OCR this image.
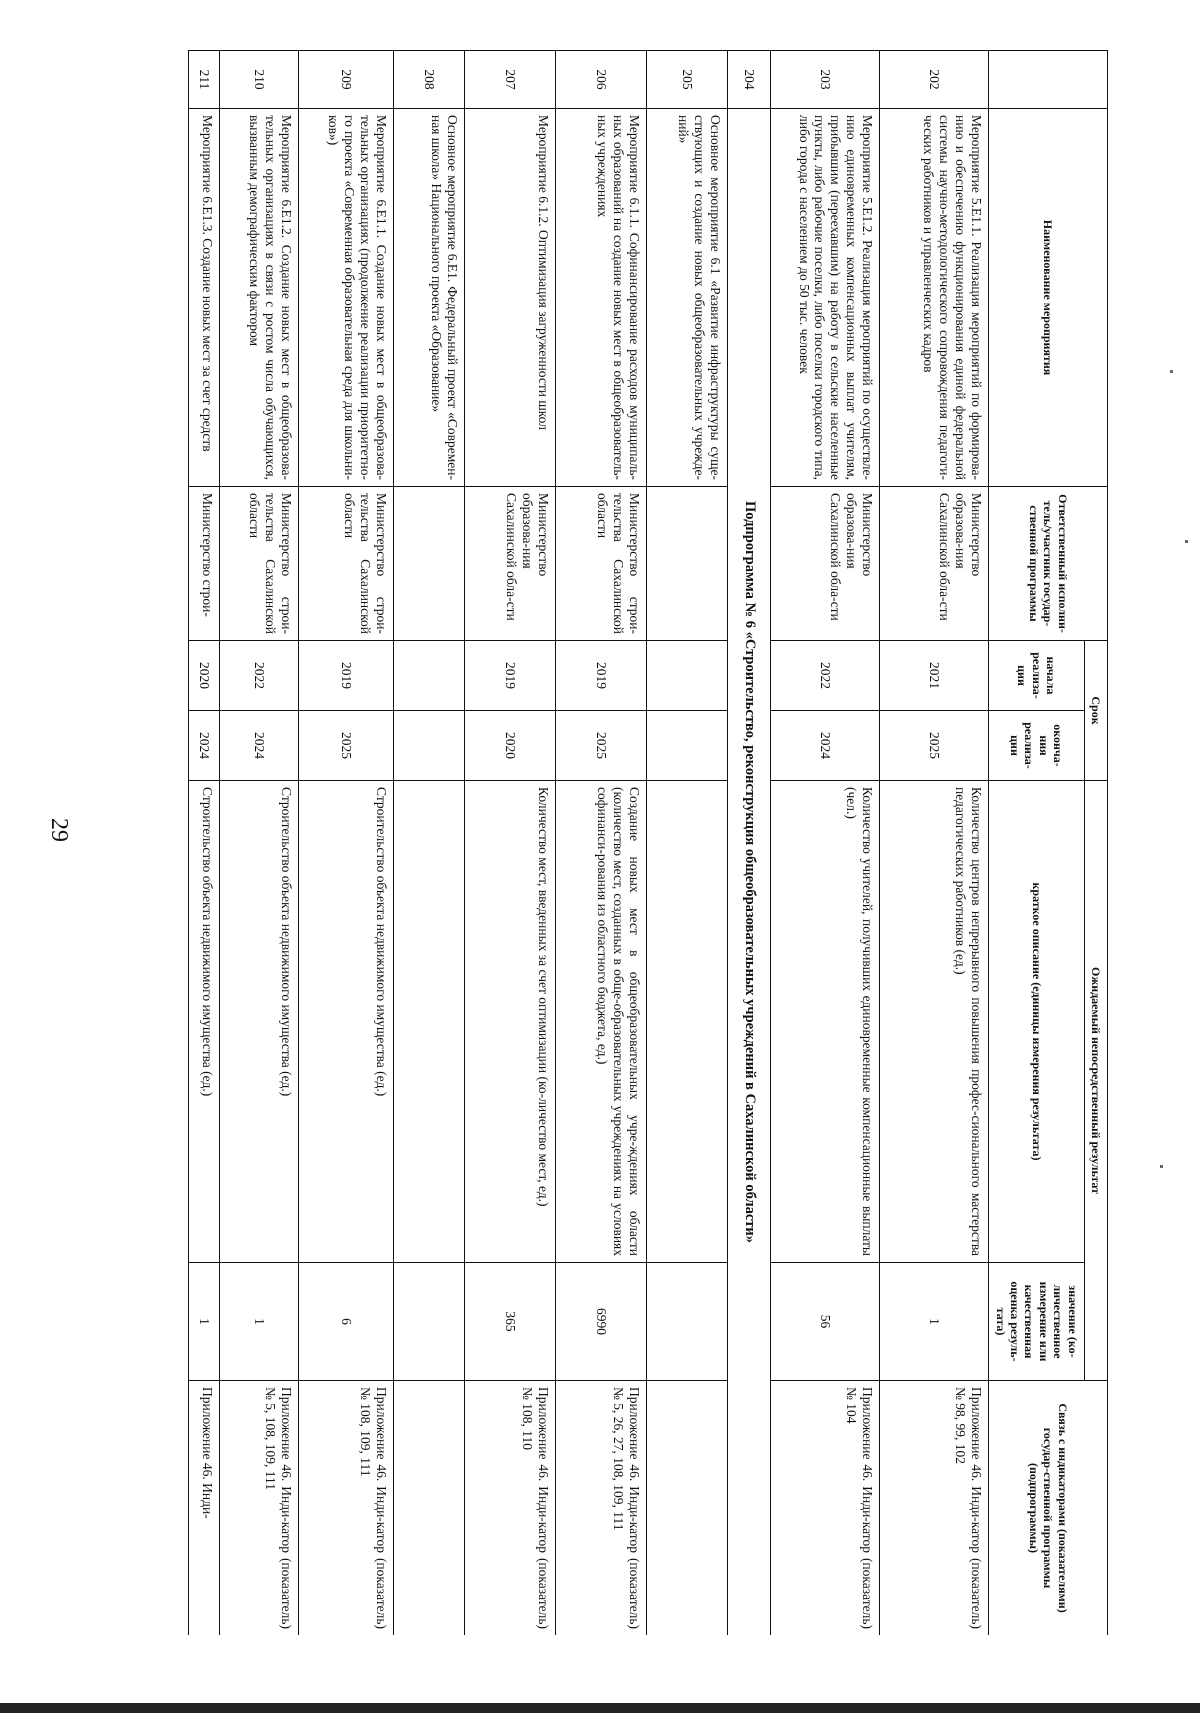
29
	Наименование мероприятия	Ответственный исполни-тель/участник государ-ственной программы	Срок		Ожидаемый непосредственный результат		Связь с индикаторами (показателями) государ-ственной программы (подпрограммы)
			начала реализа-ции	оконча-ния реализа-ции	краткое описание (единицы измерения результата)	значение (ко-личественное измерение или качественная оценка резуль-тата)	
202	Мероприятие 5.Е1.1. Реализация мероприятий по формирова-нию и обеспечению функционирования единой федеральной системы научно-методологического сопровождения педагоги-ческих работников и управленческих кадров	Министерство образова-ния Сахалинской обла-сти	2021	2025	Количество центров непрерывного повышения профес-сионального мастерства педагогических работников (ед.)	1	Приложение 46. Инди-катор (показатель) № 98, 99, 102
203	Мероприятие 5.Е1.2. Реализация мероприятий по осуществле-нию единовременных компенсационных выплат учителям, прибывшим (переехавшим) на работу в сельские населенные пункты, либо рабочие поселки, либо поселки городского типа, либо города с населением до 50 тыс. человек	Министерство образова-ния Сахалинской обла-сти	2022	2024	Количество учителей, получивших единовременные компенсационные выплаты (чел.)	56	Приложение 46. Инди-катор (показатель) № 104
204	Подпрограмма № 6 «Строительство, реконструкция общеобразовательных учреждений в Сахалинской области»						
205	Основное мероприятие 6.1 «Развитие инфраструктуры суще-ствующих и создание новых общеобразовательных учрежде-ний»						
206	Мероприятие 6.1.1. Софинансирование расходов муниципаль-ных образований на создание новых мест в общеобразователь-ных учреждениях	Министерство строи-тельства Сахалинской области	2019	2025	Создание новых мест в общеобразовательных учре-ждениях области (количество мест, созданных в обще-образовательных учреждениях на условиях софинанси-рования из областного бюджета, ед.)	6990	Приложение 46. Инди-катор (показатель) № 5, 26, 27, 108, 109, 111
207	Мероприятие 6.1.2. Оптимизация загруженности школ	Министерство образова-ния Сахалинской обла-сти	2019	2020	Количество мест, введенных за счет оптимизации (ко-личество мест, ед.)	365	Приложение 46. Инди-катор (показатель) № 108, 110
208	Основное мероприятие 6.Е1. Федеральный проект «Современ-ная школа» Национального проекта «Образование»						
209	Мероприятие 6.Е1.1. Создание новых мест в общеобразова-тельных организациях (продолжение реализации приоритетно-го проекта «Современная образовательная среда для школьни-ков»)	Министерство строи-тельства Сахалинской области	2019	2025	Строительство объекта недвижимого имущества (ед.)	6	Приложение 46. Инди-катор (показатель) № 108, 109, 111
210	Мероприятие 6.Е1.2. Создание новых мест в общеобразова-тельных организациях в связи с ростом числа обучающихся, вызванным демографическим фактором	Министерство строи-тельства Сахалинской области	2022	2024	Строительство объекта недвижимого имущества (ед.)	1	Приложение 46. Инди-катор (показатель) № 5, 108, 109, 111
211	Мероприятие 6.Е1.3. Создание новых мест за счет средств	Министерство строи-	2020	2024	Строительство объекта недвижимого имущества (ед.)	1	Приложение 46. Инди-
